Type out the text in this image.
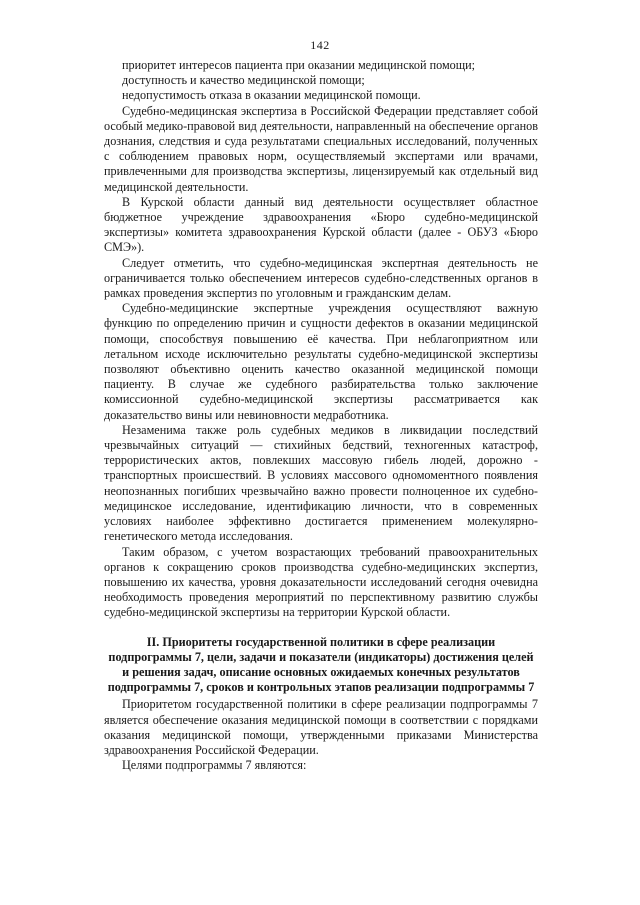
142

приоритет интересов пациента при оказании медицинской помощи;

доступность и качество медицинской помощи;

недопустимость отказа в оказании медицинской помощи.

Судебно-медицинская экспертиза в Российской Федерации представляет собой особый медико-правовой вид деятельности, направленный на обеспечение органов дознания, следствия и суда результатами специальных исследований, полученных с соблюдением правовых норм, осуществляемый экспертами или врачами, привлеченными для производства экспертизы, лицензируемый как отдельный вид медицинской деятельности.

В Курской области данный вид деятельности осуществляет областное бюджетное учреждение здравоохранения «Бюро судебно-медицинской экспертизы» комитета здравоохранения Курской области (далее - ОБУЗ «Бюро СМЭ»).

Следует отметить, что судебно-медицинская экспертная деятельность не ограничивается только обеспечением интересов судебно-следственных органов в рамках проведения экспертиз по уголовным и гражданским делам.

Судебно-медицинские экспертные учреждения осуществляют важную функцию по определению причин и сущности дефектов в оказании медицинской помощи, способствуя повышению её качества. При неблагоприятном или летальном исходе исключительно результаты судебно-медицинской экспертизы позволяют объективно оценить качество оказанной медицинской помощи пациенту. В случае же судебного разбирательства только заключение комиссионной судебно-медицинской экспертизы рассматривается как доказательство вины или невиновности медработника.

Незаменима также роль судебных медиков в ликвидации последствий чрезвычайных ситуаций — стихийных бедствий, техногенных катастроф, террористических актов, повлекших массовую гибель людей, дорожно - транспортных происшествий. В условиях массового одномоментного появления неопознанных погибших чрезвычайно важно провести полноценное их судебно-медицинское исследование, идентификацию личности, что в современных условиях наиболее эффективно достигается применением молекулярно-генетического метода исследования.

Таким образом, с учетом возрастающих требований правоохранительных органов к сокращению сроков производства судебно-медицинских экспертиз, повышению их качества, уровня доказательности исследований сегодня очевидна необходимость проведения мероприятий по перспективному развитию службы судебно-медицинской экспертизы на территории Курской области.

II. Приоритеты государственной политики в сфере реализации подпрограммы 7, цели, задачи и показатели (индикаторы) достижения целей и решения задач, описание основных ожидаемых конечных результатов подпрограммы 7, сроков и контрольных этапов реализации подпрограммы 7

Приоритетом государственной политики в сфере реализации подпрограммы 7 является обеспечение оказания медицинской помощи в соответствии с порядками оказания медицинской помощи, утвержденными приказами Министерства здравоохранения Российской Федерации.

Целями подпрограммы 7 являются:
